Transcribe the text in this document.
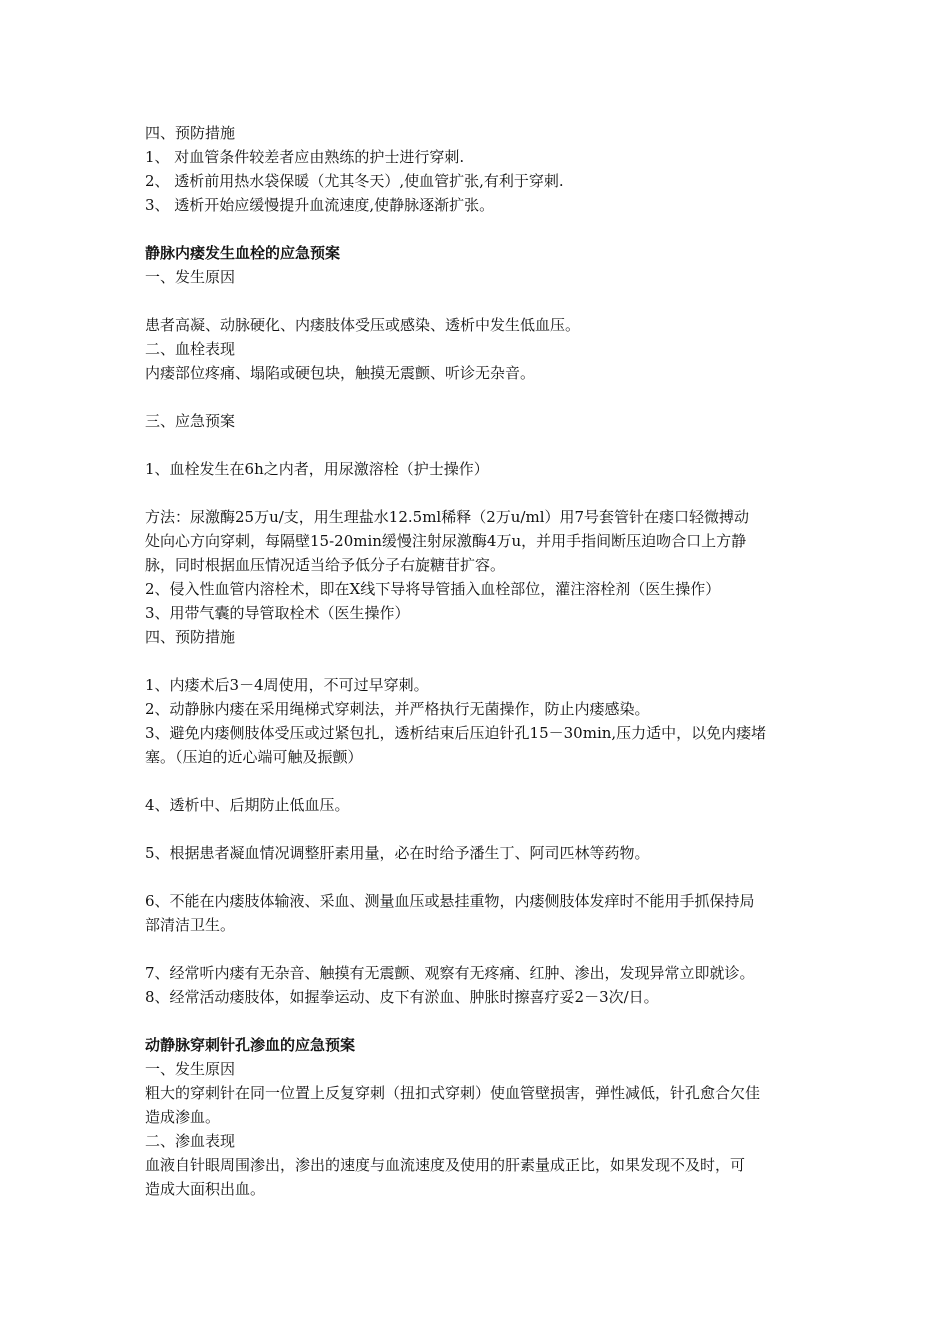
四、预防措施
1、 对血管条件较差者应由熟练的护士进行穿刺.
2、 透析前用热水袋保暖（尤其冬天）,使血管扩张,有利于穿刺.
3、 透析开始应缓慢提升血流速度,使静脉逐渐扩张。
静脉内瘘发生血栓的应急预案
一、发生原因
患者高凝、动脉硬化、内瘘肢体受压或感染、透析中发生低血压。
二、血栓表现
内瘘部位疼痛、塌陷或硬包块，触摸无震颤、听诊无杂音。
三、应急预案
1、血栓发生在6h之内者，用尿激溶栓（护士操作）
方法：尿激酶25万u/支，用生理盐水12.5ml稀释（2万u/ml）用7号套管针在瘘口轻微搏动
处向心方向穿刺，每隔壁15-20min缓慢注射尿激酶4万u，并用手指间断压迫吻合口上方静
脉，同时根据血压情况适当给予低分子右旋糖苷扩容。
2、侵入性血管内溶栓术，即在X线下导将导管插入血栓部位，灌注溶栓剂（医生操作）
3、用带气囊的导管取栓术（医生操作）
四、预防措施
1、内瘘术后3－4周使用，不可过早穿刺。
2、动静脉内瘘在采用绳梯式穿刺法，并严格执行无菌操作，防止内瘘感染。
3、避免内瘘侧肢体受压或过紧包扎，透析结束后压迫针孔15－30min,压力适中，以免内瘘堵
塞。（压迫的近心端可触及振颤）
4、透析中、后期防止低血压。
5、根据患者凝血情况调整肝素用量，必在时给予潘生丁、阿司匹林等药物。
6、不能在内瘘肢体输液、采血、测量血压或悬挂重物，内瘘侧肢体发痒时不能用手抓保持局
部清洁卫生。
7、经常听内瘘有无杂音、触摸有无震颤、观察有无疼痛、红肿、渗出，发现异常立即就诊。
8、经常活动瘘肢体，如握拳运动、皮下有淤血、肿胀时擦喜疗妥2－3次/日。
动静脉穿刺针孔渗血的应急预案
一、发生原因
粗大的穿刺针在同一位置上反复穿刺（扭扣式穿刺）使血管壁损害，弹性减低，针孔愈合欠佳
造成渗血。
二、渗血表现
血液自针眼周围渗出，渗出的速度与血流速度及使用的肝素量成正比，如果发现不及时，可
造成大面积出血。
